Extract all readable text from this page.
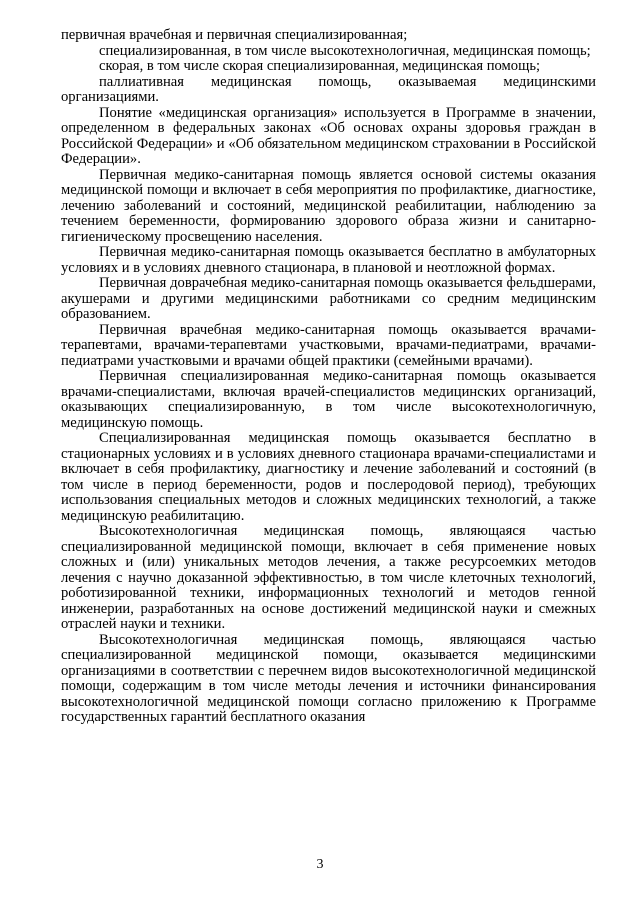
первичная врачебная и первичная специализированная;

специализированная, в том числе высокотехнологичная, медицинская помощь;

скорая, в том числе скорая специализированная, медицинская помощь;

паллиативная медицинская помощь, оказываемая медицинскими организациями.

Понятие «медицинская организация» используется в Программе в значении, определенном в федеральных законах «Об основах охраны здоровья граждан в Российской Федерации» и «Об обязательном медицинском страховании в Российской Федерации».

Первичная медико-санитарная помощь является основой системы оказания медицинской помощи и включает в себя мероприятия по профилактике, диагностике, лечению заболеваний и состояний, медицинской реабилитации, наблюдению за течением беременности, формированию здорового образа жизни и санитарно-гигиеническому просвещению населения.

Первичная медико-санитарная помощь оказывается бесплатно в амбулаторных условиях и в условиях дневного стационара, в плановой и неотложной формах.

Первичная доврачебная медико-санитарная помощь оказывается фельдшерами, акушерами и другими медицинскими работниками со средним медицинским образованием.

Первичная врачебная медико-санитарная помощь оказывается врачами-терапевтами, врачами-терапевтами участковыми, врачами-педиатрами, врачами-педиатрами участковыми и врачами общей практики (семейными врачами).

Первичная специализированная медико-санитарная помощь оказывается врачами-специалистами, включая врачей-специалистов медицинских организаций, оказывающих специализированную, в том числе высокотехнологичную, медицинскую помощь.

Специализированная медицинская помощь оказывается бесплатно в стационарных условиях и в условиях дневного стационара врачами-специалистами и включает в себя профилактику, диагностику и лечение заболеваний и состояний (в том числе в период беременности, родов и послеродовой период), требующих использования специальных методов и сложных медицинских технологий, а также медицинскую реабилитацию.

Высокотехнологичная медицинская помощь, являющаяся частью специализированной медицинской помощи, включает в себя применение новых сложных и (или) уникальных методов лечения, а также ресурсоемких методов лечения с научно доказанной эффективностью, в том числе клеточных технологий, роботизированной техники, информационных технологий и методов генной инженерии, разработанных на основе достижений медицинской науки и смежных отраслей науки и техники.

Высокотехнологичная медицинская помощь, являющаяся частью специализированной медицинской помощи, оказывается медицинскими организациями в соответствии с перечнем видов высокотехнологичной медицинской помощи, содержащим в том числе методы лечения и источники финансирования высокотехнологичной медицинской помощи согласно приложению к Программе государственных гарантий бесплатного оказания

3
